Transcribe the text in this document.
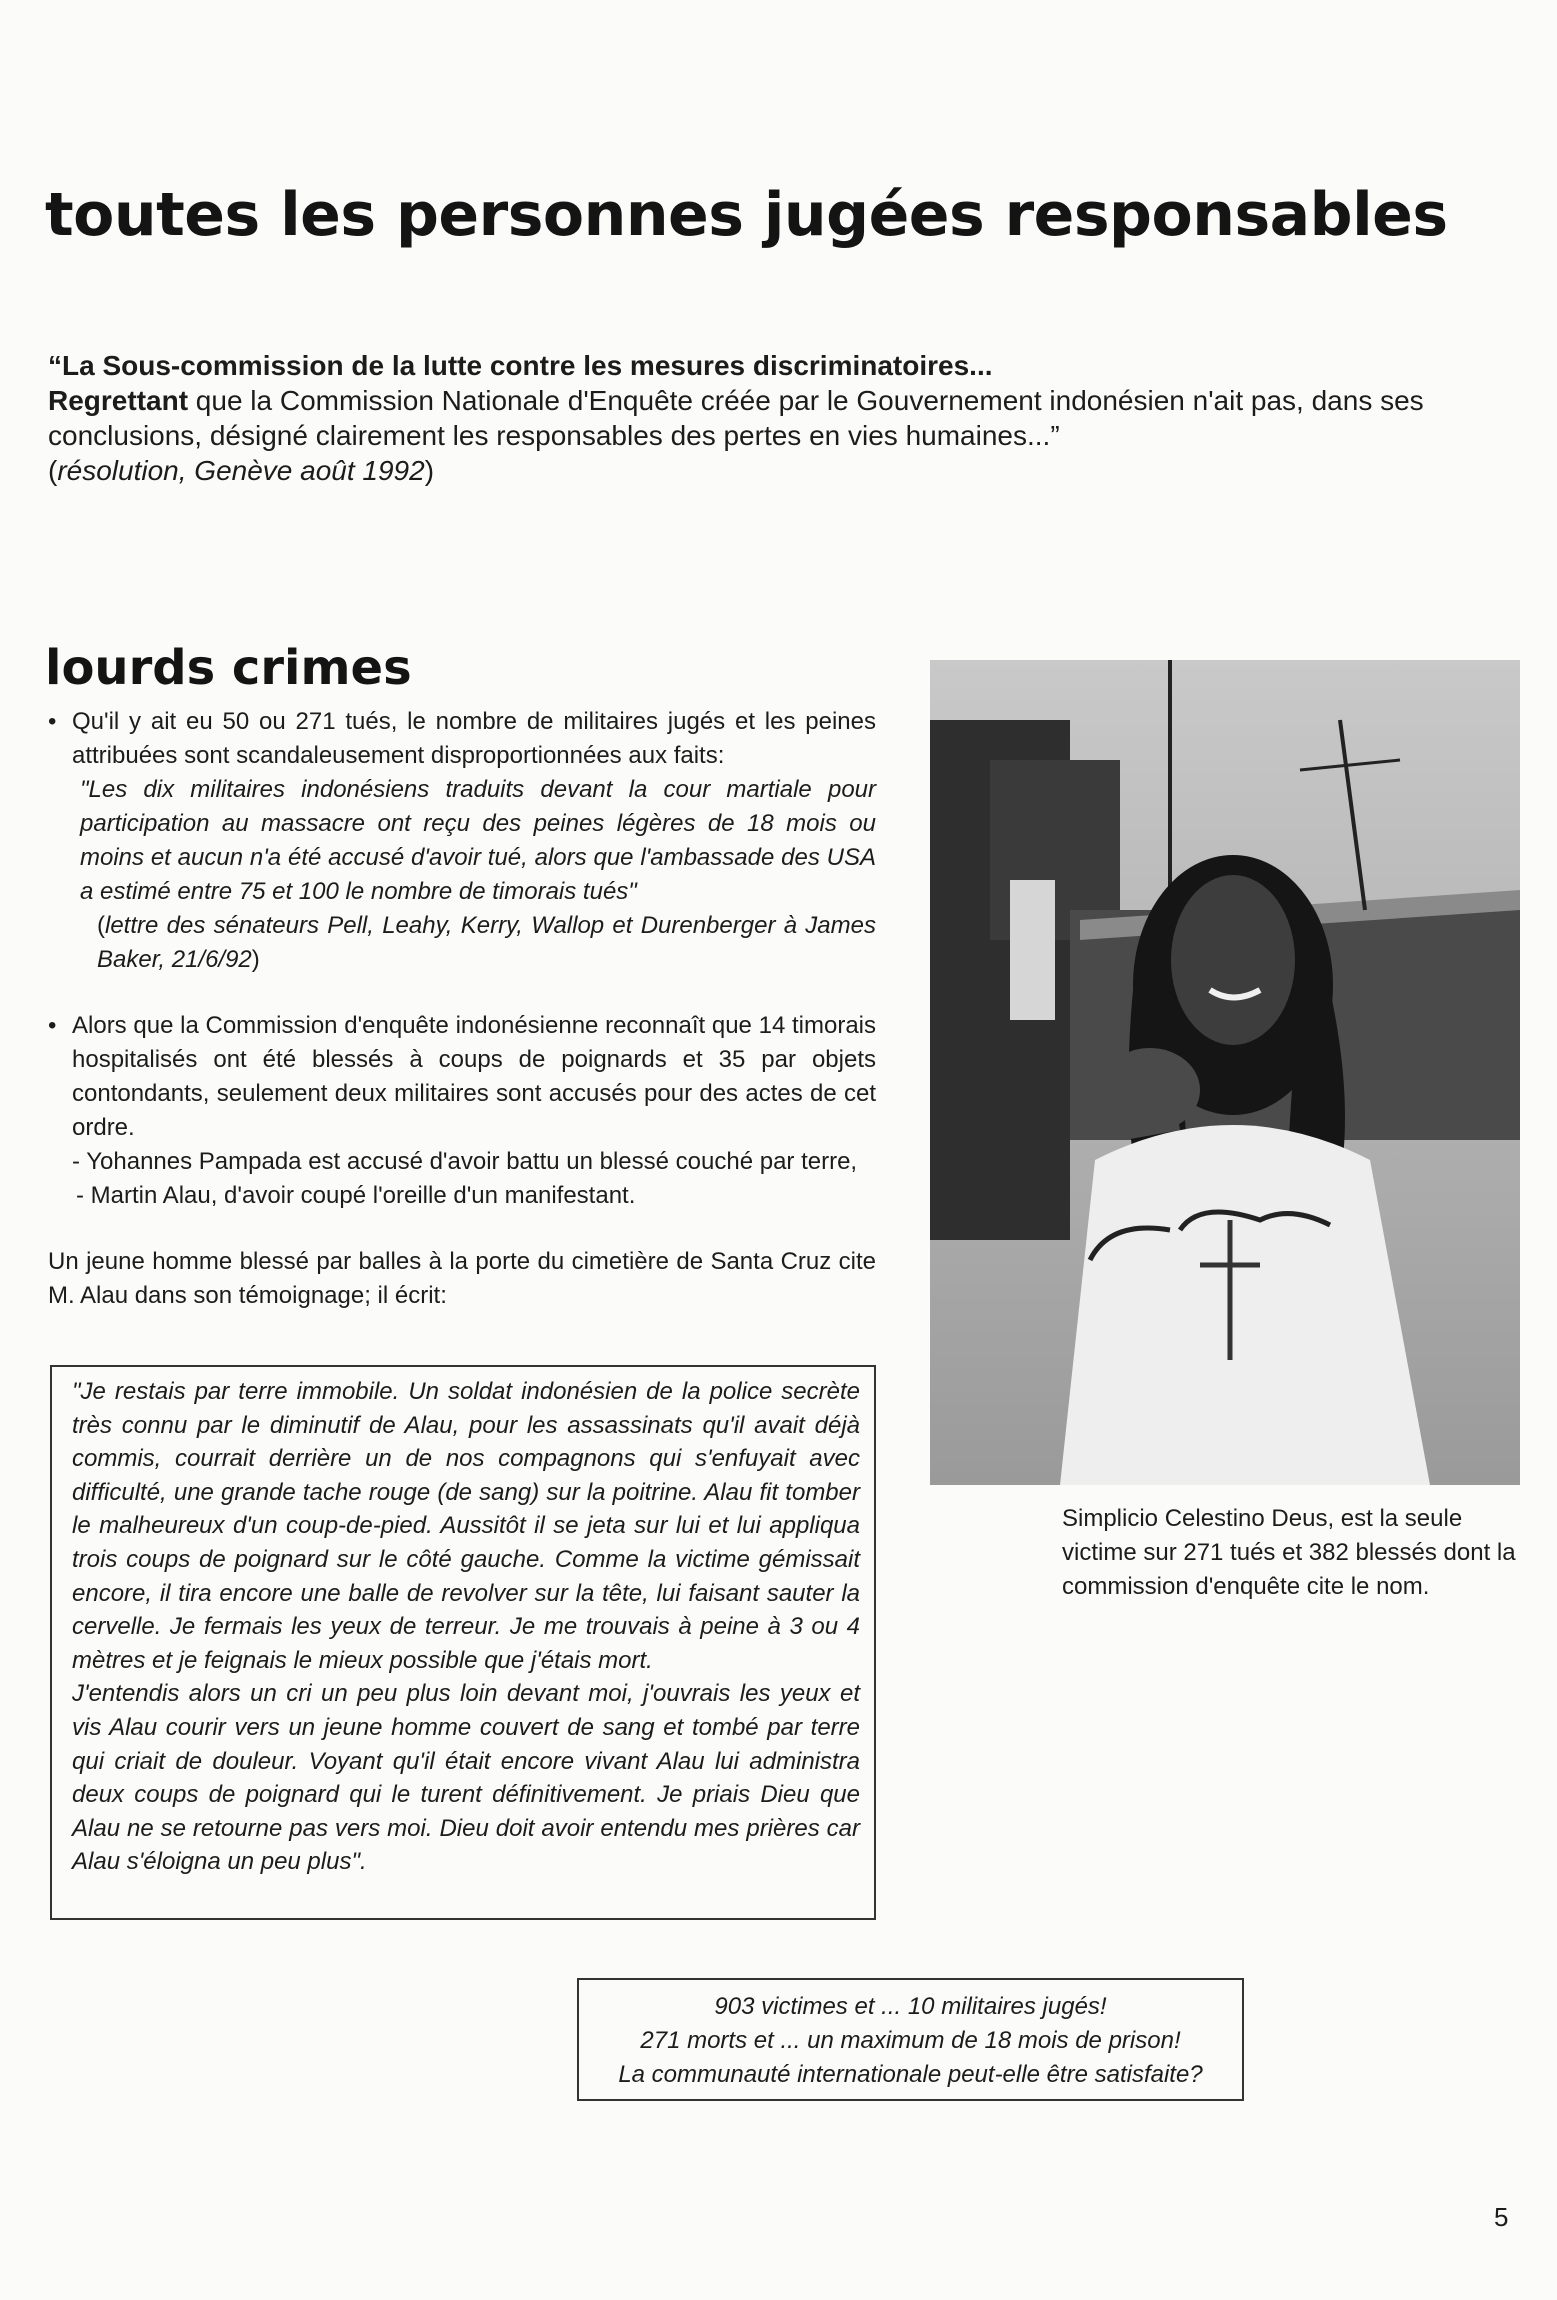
toutes les personnes jugées responsables

“La Sous-commission de la lutte contre les mesures discriminatoires...

Regrettant que la Commission Nationale d'Enquête créée par le Gouvernement indonésien n'ait pas, dans ses conclusions, désigné clairement les responsables des pertes en vies humaines...”

(résolution, Genève août 1992)

lourds crimes

• Qu'il y ait eu 50 ou 271 tués, le nombre de militaires jugés et les peines attribuées sont scandaleusement disproportionnées aux faits:

"Les dix militaires indonésiens traduits devant la cour martiale pour participation au massacre ont reçu des peines légères de 18 mois ou moins et aucun n'a été accusé d'avoir tué, alors que l'ambassade des USA a estimé entre 75 et 100 le nombre de timorais tués"

(lettre des sénateurs Pell, Leahy, Kerry, Wallop et Durenberger à James Baker, 21/6/92)

• Alors que la Commission d'enquête indonésienne reconnaît que 14 timorais hospitalisés ont été blessés à coups de poignards et 35 par objets contondants, seulement deux militaires sont accusés pour des actes de cet ordre.

- Yohannes Pampada est accusé d'avoir battu un blessé couché par terre,

- Martin Alau, d'avoir coupé l'oreille d'un manifestant.

Un jeune homme blessé par balles à la porte du cimetière de Santa Cruz cite M. Alau dans son témoignage; il écrit:

"Je restais par terre immobile. Un soldat indonésien de la police secrète très connu par le diminutif de Alau, pour les assassinats qu'il avait déjà commis, courrait derrière un de nos compagnons qui s'enfuyait avec difficulté, une grande tache rouge (de sang) sur la poitrine. Alau fit tomber le malheureux d'un coup-de-pied. Aussitôt il se jeta sur lui et lui appliqua trois coups de poignard sur le côté gauche. Comme la victime gémissait encore, il tira encore une balle de revolver sur la tête, lui faisant sauter la cervelle. Je fermais les yeux de terreur. Je me trouvais à peine à 3 ou 4 mètres et je feignais le mieux possible que j'étais mort.

J'entendis alors un cri un peu plus loin devant moi, j'ouvrais les yeux et vis Alau courir vers un jeune homme couvert de sang et tombé par terre qui criait de douleur. Voyant qu'il était encore vivant Alau lui administra deux coups de poignard qui le turent définitivement. Je priais Dieu que Alau ne se retourne pas vers moi. Dieu doit avoir entendu mes prières car Alau s'éloigna un peu plus".

Simplicio Celestino Deus, est la seule victime sur 271 tués et 382 blessés dont la commission d'enquête cite le nom.
903 victimes et ... 10 militaires jugés!
271 morts et ... un maximum de 18 mois de prison!
La communauté internationale peut-elle être satisfaite?
5
